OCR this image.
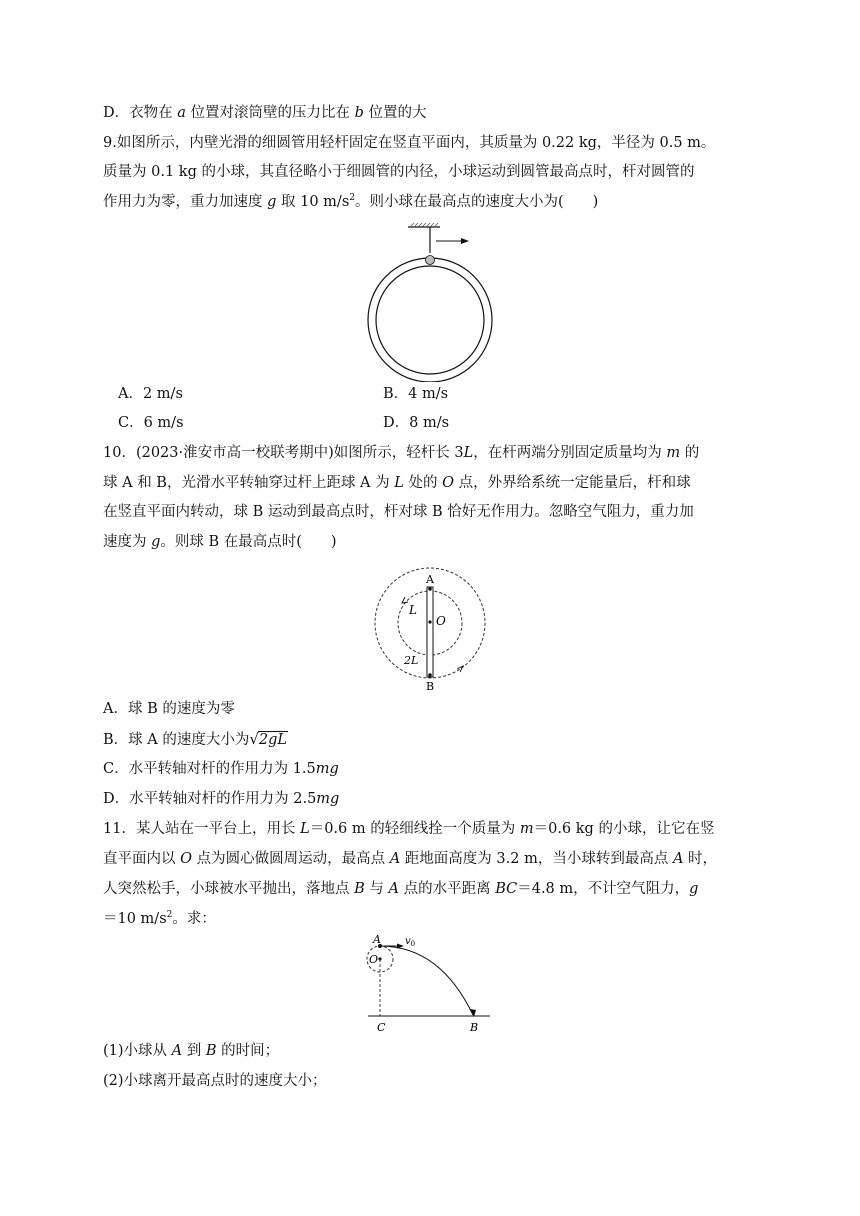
D．衣物在 a 位置对滚筒壁的压力比在 b 位置的大
9.如图所示，内壁光滑的细圆管用轻杆固定在竖直平面内，其质量为 0.22 kg，半径为 0.5 m。
质量为 0.1 kg 的小球，其直径略小于细圆管的内径，小球运动到圆管最高点时，杆对圆管的
作用力为零，重力加速度 g 取 10 $m/s^2$。则小球在最高点的速度大小为(　　)
A．2 m/s	B．4 m/s
C．6 m/s	D．8 m/s
10．(2023·淮安市高一校联考期中)如图所示，轻杆长 3L，在杆两端分别固定质量均为 m 的
球 A 和 B，光滑水平转轴穿过杆上距球 A 为 L 处的 O 点，外界给系统一定能量后，杆和球
在竖直平面内转动，球 B 运动到最高点时，杆对球 B 恰好无作用力。忽略空气阻力，重力加
速度为 g。则球 B 在最高点时(　　)
A
L
O
2L
B
A．球 B 的速度为零
B．球 A 的速度大小为√2gL
C．水平转轴对杆的作用力为 1.5mg
D．水平转轴对杆的作用力为 2.5mg
11．某人站在一平台上，用长 L＝0.6 m 的轻细线拴一个质量为 m＝0.6 kg 的小球，让它在竖
直平面内以 O 点为圆心做圆周运动，最高点 A 距地面高度为 3.2 m，当小球转到最高点 A 时，
人突然松手，小球被水平抛出，落地点 B 与 A 点的水平距离 BC＝4.8 m，不计空气阻力，g
＝10 $m/s^2$。求：
A $v_0$
O
C	B
(1)小球从 A 到 B 的时间；
(2)小球离开最高点时的速度大小；
